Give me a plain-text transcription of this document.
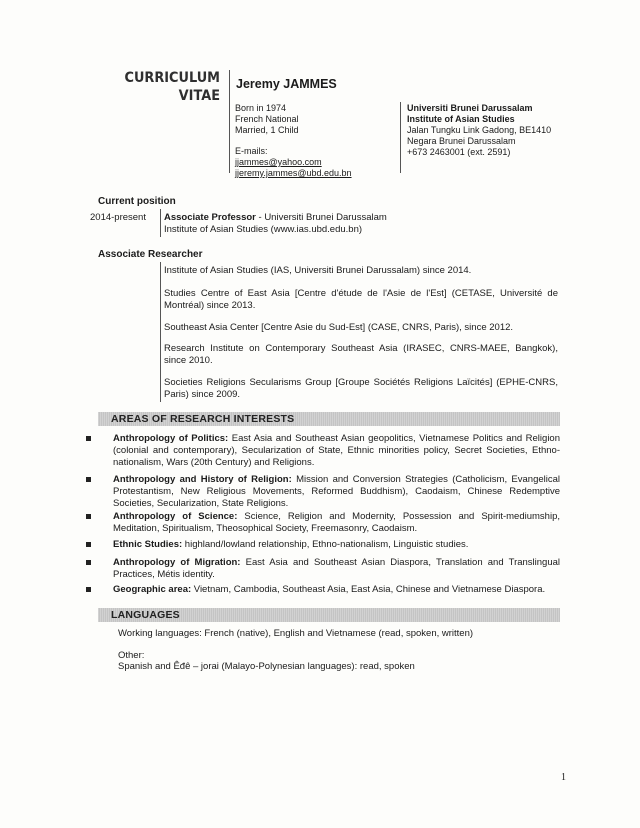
CURRICULUM
VITAE
Jeremy JAMMES
Born in 1974
French National
Married, 1 Child
E-mails:
jjammes@yahoo.com
jjeremy.jammes@ubd.edu.bn
Universiti Brunei Darussalam
Institute of Asian Studies
Jalan Tungku Link Gadong, BE1410
Negara Brunei Darussalam
+673 2463001 (ext. 2591)
Current position
2014-present Associate Professor - Universiti Brunei Darussalam
Institute of Asian Studies (www.ias.ubd.edu.bn)
Associate Researcher
Institute of Asian Studies (IAS, Universiti Brunei Darussalam) since 2014.
Studies Centre of East Asia [Centre d'étude de l'Asie de l'Est] (CETASE, Université de Montréal) since 2013.
Southeast Asia Center [Centre Asie du Sud-Est] (CASE, CNRS, Paris), since 2012.
Research Institute on Contemporary Southeast Asia (IRASEC, CNRS-MAEE, Bangkok), since 2010.
Societies Religions Secularisms Group [Groupe Sociétés Religions Laïcités] (EPHE-CNRS, Paris) since 2009.
AREAS OF RESEARCH INTERESTS
Anthropology of Politics: East Asia and Southeast Asian geopolitics, Vietnamese Politics and Religion (colonial and contemporary), Secularization of State, Ethnic minorities policy, Secret Societies, Ethno-nationalism, Wars (20th Century) and Religions.
Anthropology and History of Religion: Mission and Conversion Strategies (Catholicism, Evangelical Protestantism, New Religious Movements, Reformed Buddhism), Caodaism, Chinese Redemptive Societies, Secularization, State Religions.
Anthropology of Science: Science, Religion and Modernity, Possession and Spirit-mediumship, Meditation, Spiritualism, Theosophical Society, Freemasonry, Caodaism.
Ethnic Studies: highland/lowland relationship, Ethno-nationalism, Linguistic studies.
Anthropology of Migration: East Asia and Southeast Asian Diaspora, Translation and Translingual Practices, Métis identity.
Geographic area: Vietnam, Cambodia, Southeast Asia, East Asia, Chinese and Vietnamese Diaspora.
LANGUAGES
Working languages: French (native), English and Vietnamese (read, spoken, written)
Other:
Spanish and Êđê – jorai (Malayo-Polynesian languages): read, spoken
1
